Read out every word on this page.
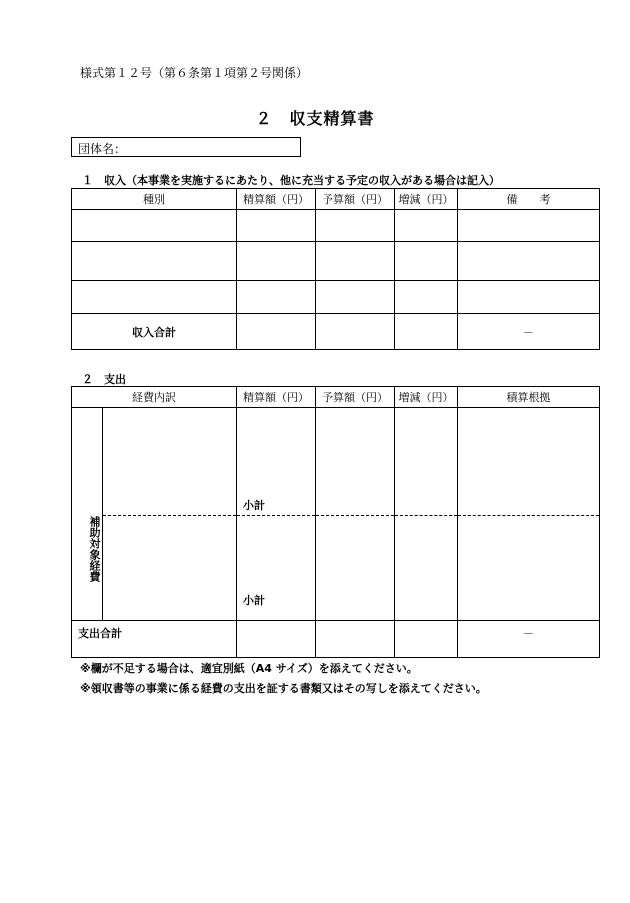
様式第１２号（第６条第１項第２号関係）
２　収支精算書
団体名：
１　収入（本事業を実施するにあたり、他に充当する予定の収入がある場合は記入）
種別	精算額（円）	予算額（円）	増減（円）	備　　考

収入合計				－
２　支出
経費内訳		精算額（円）	予算額（円）	増減（円）	積算根拠
補助対象経費		小計			
		小計			
支出合計					－
※欄が不足する場合は、適宜別紙（A4 サイズ）を添えてください。
※領収書等の事業に係る経費の支出を証する書類又はその写しを添えてください。
